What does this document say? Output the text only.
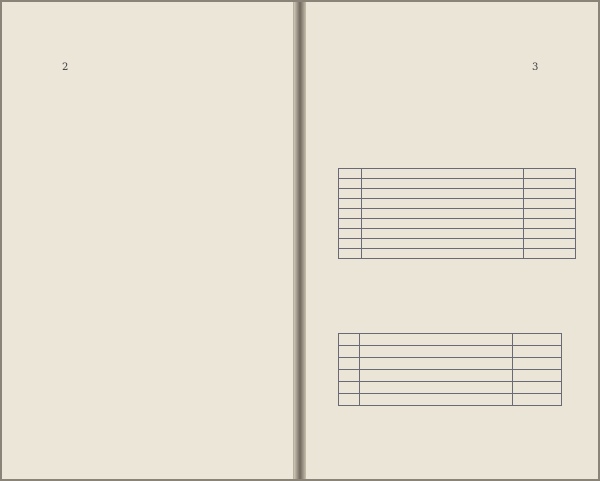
2	3
